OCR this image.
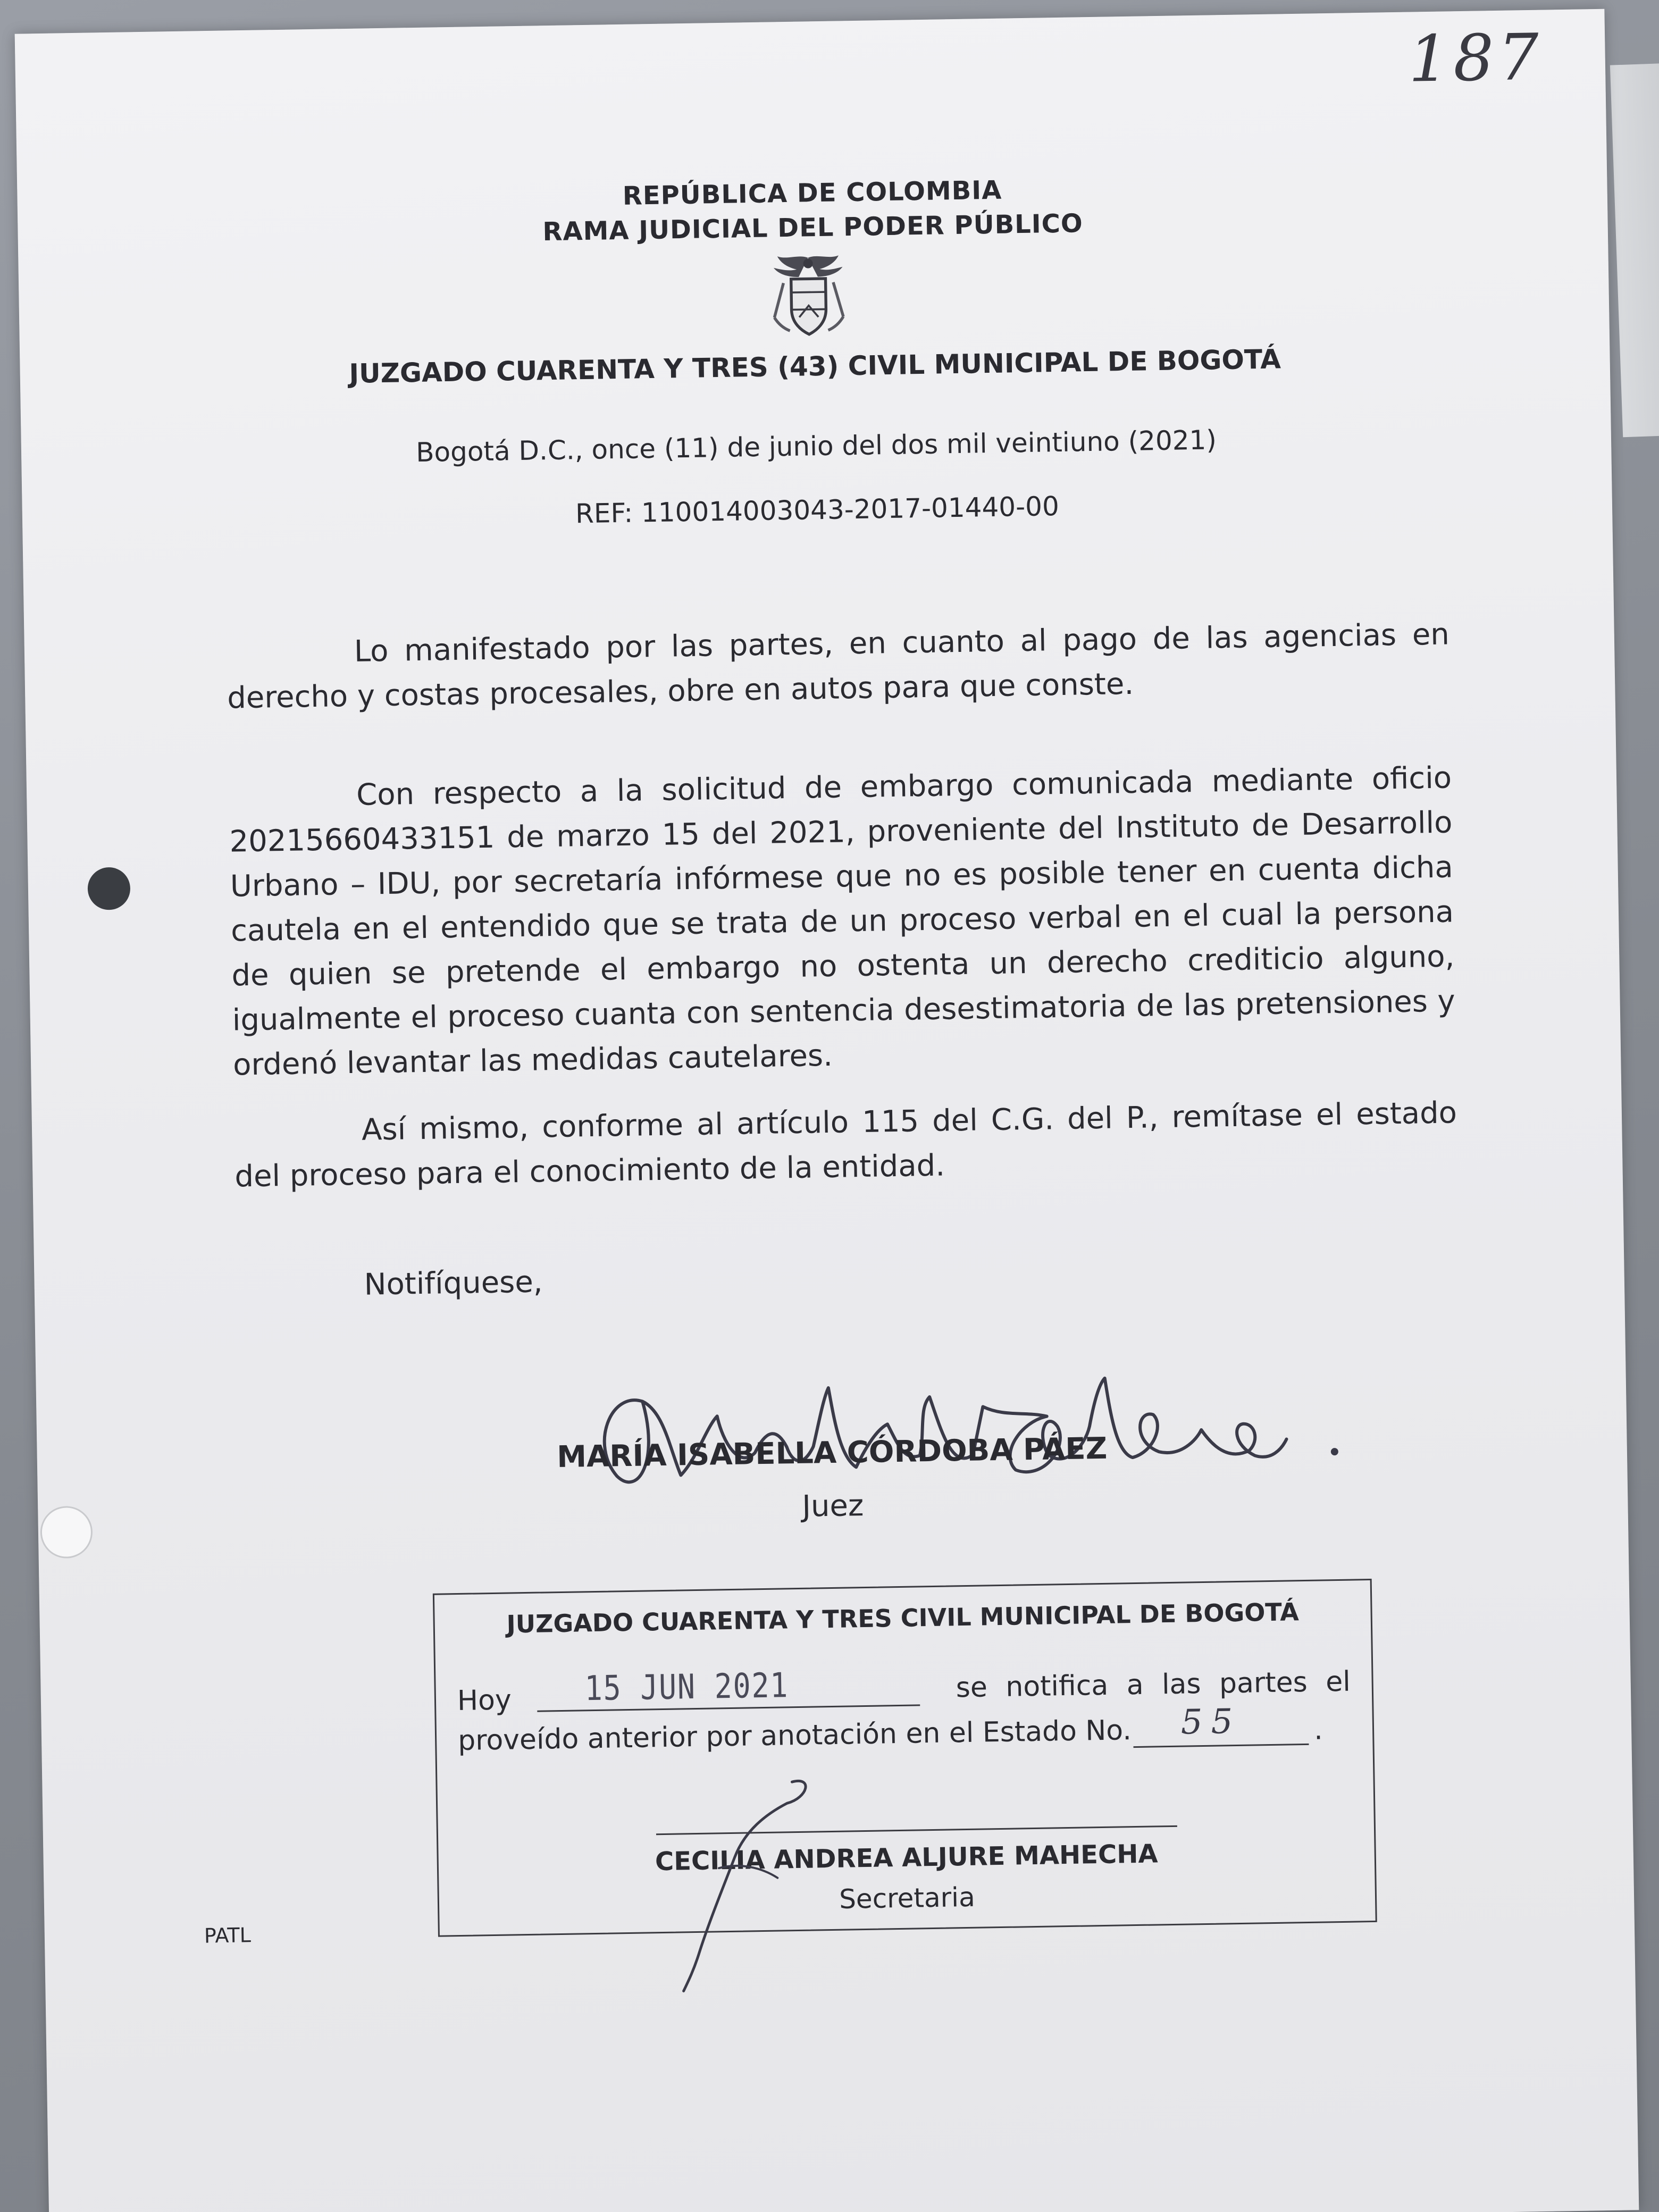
187
REPÚBLICA DE COLOMBIA
RAMA JUDICIAL DEL PODER PÚBLICO
JUZGADO CUARENTA Y TRES (43) CIVIL MUNICIPAL DE BOGOTÁ
Bogotá D.C., once (11) de junio del dos mil veintiuno (2021)
REF: 110014003043-2017-01440-00
Lo manifestado por las partes, en cuanto al pago de las agencias en derecho y costas procesales, obre en autos para que conste.
Con respecto a la solicitud de embargo comunicada mediante oficio 20215660433151 de marzo 15 del 2021, proveniente del Instituto de Desarrollo Urbano – IDU, por secretaría infórmese que no es posible tener en cuenta dicha cautela en el entendido que se trata de un proceso verbal en el cual la persona de quien se pretende el embargo no ostenta un derecho crediticio alguno, igualmente el proceso cuanta con sentencia desestimatoria de las pretensiones y ordenó levantar las medidas cautelares.
Así mismo, conforme al artículo 115 del C.G. del P., remítase el estado del proceso para el conocimiento de la entidad.
Notifíquese,
MARÍA ISABELLA CÓRDOBA PÁEZ
Juez
JUZGADO CUARENTA Y TRES CIVIL MUNICIPAL DE BOGOTÁ
Hoy 15 JUN 2021	se notifica a las partes el
proveído anterior por anotación en el Estado No. 55	.
CECILIA ANDREA ALJURE MAHECHA
Secretaria
PATL
